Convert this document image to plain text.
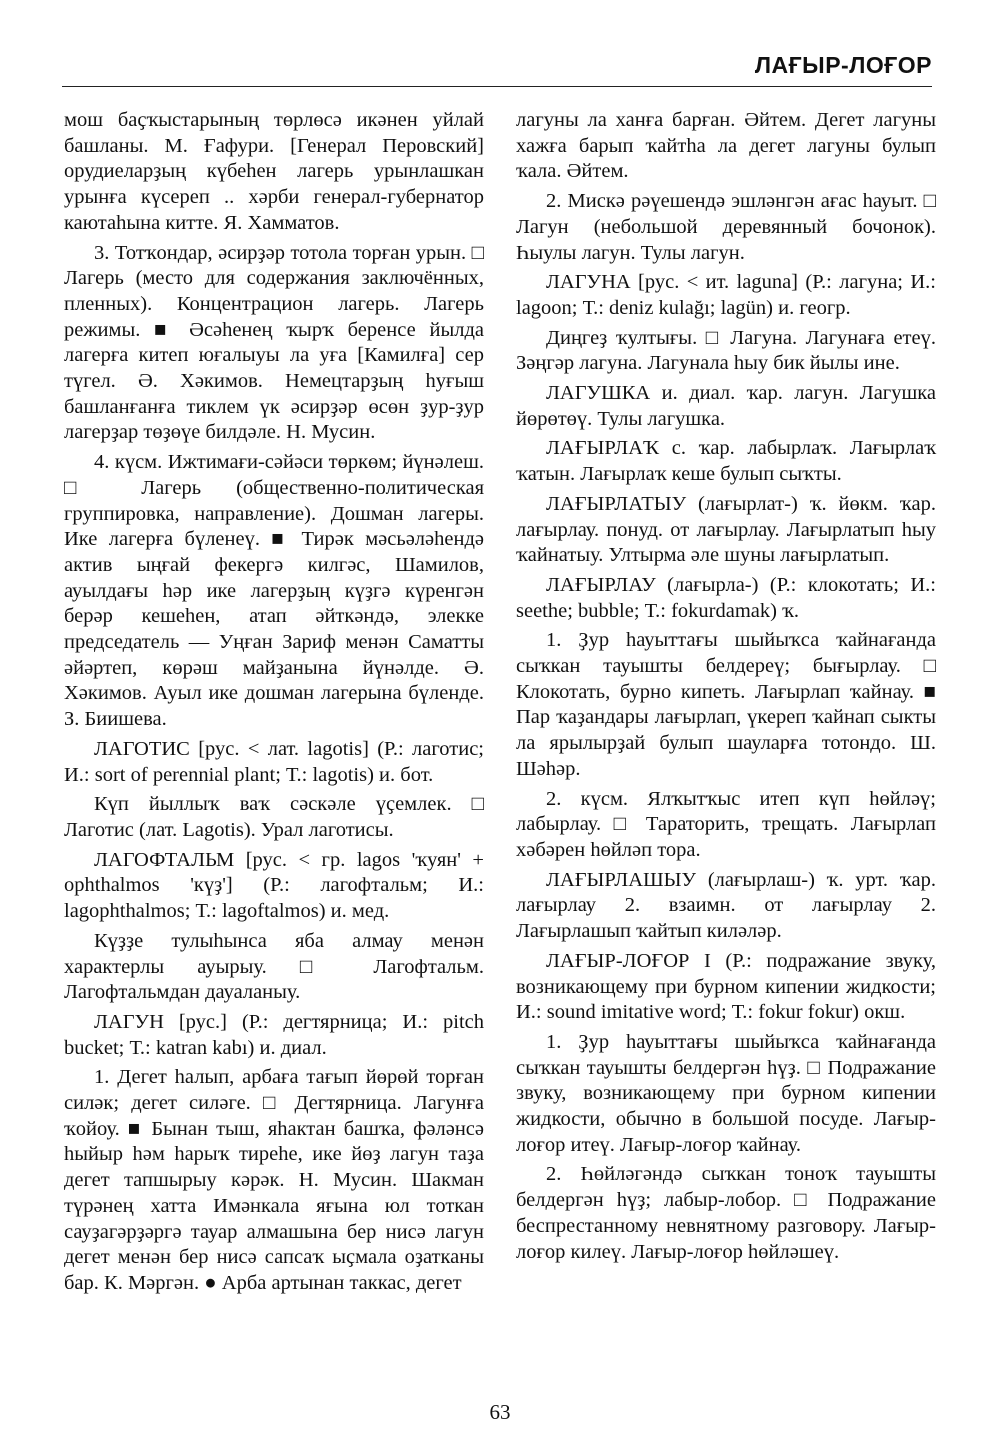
ЛАҒЫР-ЛОҒОР

мош баҫҡыстарының төрлөсә икәнен уйлай башланы. М. Ғафури. [Генерал Перовский] орудиеларҙың күбеһен лагерь урынлашкан урынға күсереп .. хәрби генерал-губернатор каютаһына китте. Я. Хамматов.

3. Тотҡондар, әсирҙәр тотола торған урын. □ Лагерь (место для содержания заключённых, пленных). Концентрацион лагерь. Лагерь режимы. ■ Әсәһенең ҡырҡ беренсе йылда лагерға китеп юғалыуы ла уға [Камилға] сер түгел. Ә. Хәкимов. Немецтарҙың һуғыш башланғанға тиклем үк әсирҙәр өсөн ҙур-ҙур лагерҙар төҙөүе билдәле. Н. Мусин.

4. күсм. Ижтимағи-сәйәси төркөм; йүнәлеш. □ Лагерь (общественно-политическая группировка, направление). Дошман лагеры. Ике лагерға бүленеү. ■ Тирәк мәсьәләһендә актив ыңғай фекергә килгәс, Шамилов, ауылдағы һәр ике лагерҙың күҙгә күренгән берәр кешеһен, атап әйткәндә, элекке председатель — Уңған Зариф менән Саматты әйәртеп, көрәш майҙанына йүнәлде. Ә. Хәкимов. Ауыл ике дошман лагерына бүленде. З. Биишева.

ЛАГОТИС [рус. < лат. lagotis] (Р.: лаготис; И.: sort of perennial plant; Т.: lagotis) и. бот.

Күп йыллыҡ ваҡ сәскәле үҫемлек. □ Лаготис (лат. Lagotis). Урал лаготисы.

ЛАГОФТАЛЬМ [рус. < гр. lagos 'ҡуян' + ophthalmos 'күҙ'] (Р.: лагофтальм; И.: lagophthalmos; Т.: lagoftalmos) и. мед.

Күҙҙе тулыһынса яба алмау менән характерлы ауырыу. □ Лагофтальм. Лагофтальмдан дауаланыу.

ЛАГУН [рус.] (Р.: дегтярница; И.: pitch bucket; Т.: katran kabı) и. диал.

1. Дегет һалып, арбаға тағып йөрөй торған силәк; дегет силәге. □ Дегтярница. Лагунға ҡойоу. ■ Бынан тыш, яһактан башҡа, фәләнсә һыйыр һәм һарыҡ тиреһе, ике йөҙ лагун таҙа дегет тапшырыу кәрәк. Н. Мусин. Шакман түрәнең хатта Имәнкала яғына юл тоткан сауҙагәрҙәргә тауар алмашына бер нисә лагун дегет менән бер нисә сапсаҡ ыҫмала оҙатканы бар. К. Мәргән. ● Арба артынан таккас, дегет

лагуны ла ханға барған. Әйтем. Дегет лагуны хажға барып ҡайтһа ла дегет лагуны булып ҡала. Әйтем.

2. Мискә рәүешендә эшләнгән ағас һауыт. □ Лагун (небольшой деревянный бочонок). Һыулы лагун. Тулы лагун.

ЛАГУНА [рус. < ит. laguna] (Р.: лагуна; И.: lagoon; Т.: deniz kulağı; lagün) и. геогр.

Диңгеҙ ҡултығы. □ Лагуна. Лагунаға етеү. Зәңгәр лагуна. Лагунала һыу бик йылы ине.

ЛАГУШКА и. диал. ҡар. лагун. Лагушка йөрөтөү. Тулы лагушка.

ЛАҒЫРЛАҠ с. ҡар. лабырлаҡ. Лағырлаҡ ҡатын. Лағырлаҡ кеше булып сыҡты.

ЛАҒЫРЛАТЫУ (лағырлат-) ҡ. йөкм. ҡар. лағырлау. понуд. от лағырлау. Лағырлатып һыу ҡайнатыу. Ултырма әле шуны лағырлатып.

ЛАҒЫРЛАУ (лағырла-) (Р.: клокотать; И.: seethe; bubble; Т.: fokurdamak) ҡ.

1. Ҙур һауыттағы шыйыҡса ҡайнағанда сыҡкан тауышты белдереү; бығырлау. □ Клокотать, бурно кипеть. Лағырлап ҡайнау. ■ Пар ҡаҙандары лағырлап, үкереп ҡайнап сыкты ла ярылырҙай булып шауларға тотондо. Ш. Шәһәр.

2. күсм. Ялҡытҡыс итеп күп һөйләү; лабырлау. □ Тараторить, трещать. Лағырлап хәбәрен һөйләп тора.

ЛАҒЫРЛАШЫУ (лағырлаш-) ҡ. урт. ҡар. лағырлау 2. взаимн. от лағырлау 2. Лағырлашып ҡайтып киләләр.

ЛАҒЫР-ЛОҒОР I (Р.: подражание звуку, возникающему при бурном кипении жидкости; И.: sound imitative word; Т.: fokur fokur) окш.

1. Ҙур һауыттағы шыйыҡса ҡайнағанда сыҡкан тауышты белдергән һүҙ. □ Подражание звуку, возникающему при бурном кипении жидкости, обычно в большой посуде. Лағыр-лоғор итеү. Лағыр-лоғор ҡайнау.

2. Һөйләгәндә сыҡкан тоноҡ тауышты белдергән һүҙ; лабыр-лобор. □ Подражание беспрестанному невнятному разговору. Лағыр-лоғор килеү. Лағыр-лоғор һөйләшеү.

63
